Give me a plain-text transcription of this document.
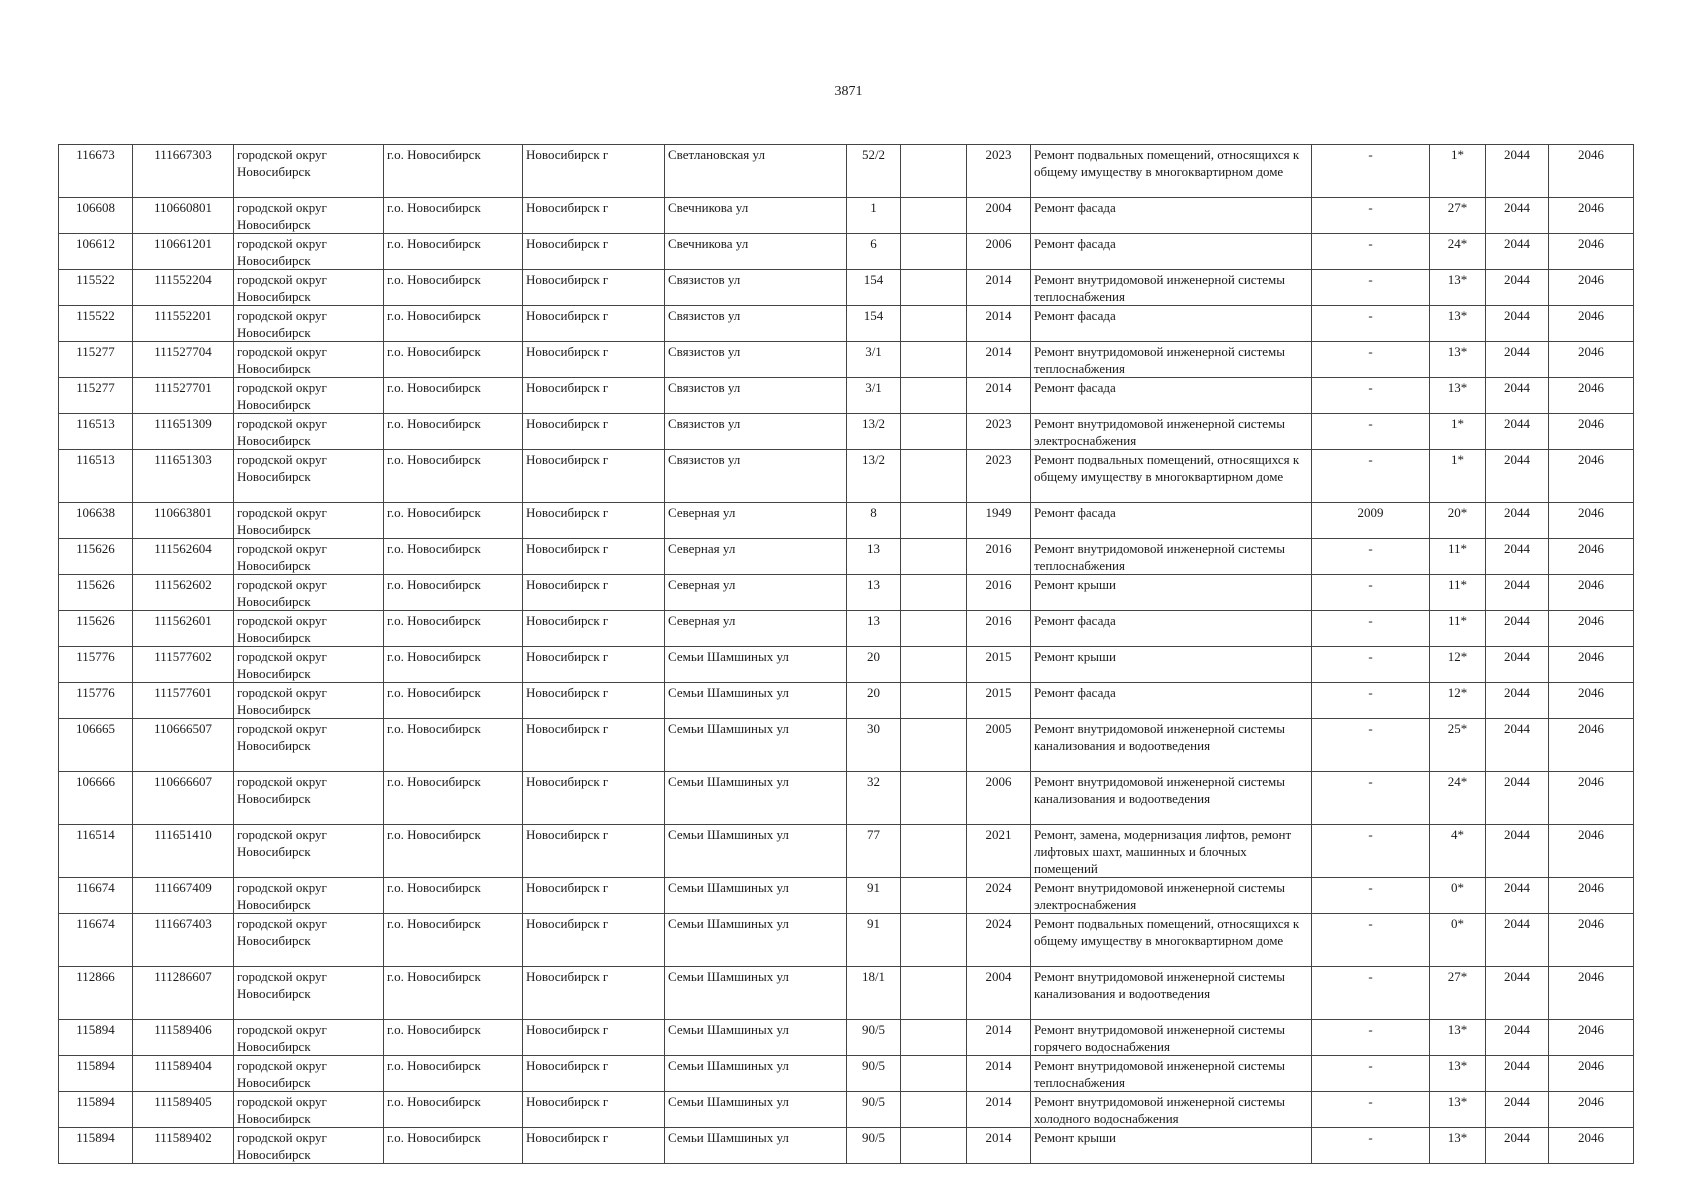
3871
116673	111667303	городской округ Новосибирск	г.о. Новосибирск	Новосибирск г	Светлановская ул	52/2		2023	Ремонт подвальных помещений, относящихся к общему имуществу в многоквартирном доме	-	1*	2044	2046
106608	110660801	городской округ Новосибирск	г.о. Новосибирск	Новосибирск г	Свечникова ул	1		2004	Ремонт фасада	-	27*	2044	2046
106612	110661201	городской округ Новосибирск	г.о. Новосибирск	Новосибирск г	Свечникова ул	6		2006	Ремонт фасада	-	24*	2044	2046
115522	111552204	городской округ Новосибирск	г.о. Новосибирск	Новосибирск г	Связистов ул	154		2014	Ремонт внутридомовой инженерной системы теплоснабжения	-	13*	2044	2046
115522	111552201	городской округ Новосибирск	г.о. Новосибирск	Новосибирск г	Связистов ул	154		2014	Ремонт фасада	-	13*	2044	2046
115277	111527704	городской округ Новосибирск	г.о. Новосибирск	Новосибирск г	Связистов ул	3/1		2014	Ремонт внутридомовой инженерной системы теплоснабжения	-	13*	2044	2046
115277	111527701	городской округ Новосибирск	г.о. Новосибирск	Новосибирск г	Связистов ул	3/1		2014	Ремонт фасада	-	13*	2044	2046
116513	111651309	городской округ Новосибирск	г.о. Новосибирск	Новосибирск г	Связистов ул	13/2		2023	Ремонт внутридомовой инженерной системы электроснабжения	-	1*	2044	2046
116513	111651303	городской округ Новосибирск	г.о. Новосибирск	Новосибирск г	Связистов ул	13/2		2023	Ремонт подвальных помещений, относящихся к общему имуществу в многоквартирном доме	-	1*	2044	2046
106638	110663801	городской округ Новосибирск	г.о. Новосибирск	Новосибирск г	Северная ул	8		1949	Ремонт фасада	2009	20*	2044	2046
115626	111562604	городской округ Новосибирск	г.о. Новосибирск	Новосибирск г	Северная ул	13		2016	Ремонт внутридомовой инженерной системы теплоснабжения	-	11*	2044	2046
115626	111562602	городской округ Новосибирск	г.о. Новосибирск	Новосибирск г	Северная ул	13		2016	Ремонт крыши	-	11*	2044	2046
115626	111562601	городской округ Новосибирск	г.о. Новосибирск	Новосибирск г	Северная ул	13		2016	Ремонт фасада	-	11*	2044	2046
115776	111577602	городской округ Новосибирск	г.о. Новосибирск	Новосибирск г	Семьи Шамшиных ул	20		2015	Ремонт крыши	-	12*	2044	2046
115776	111577601	городской округ Новосибирск	г.о. Новосибирск	Новосибирск г	Семьи Шамшиных ул	20		2015	Ремонт фасада	-	12*	2044	2046
106665	110666507	городской округ Новосибирск	г.о. Новосибирск	Новосибирск г	Семьи Шамшиных ул	30		2005	Ремонт внутридомовой инженерной системы канализования и водоотведения	-	25*	2044	2046
106666	110666607	городской округ Новосибирск	г.о. Новосибирск	Новосибирск г	Семьи Шамшиных ул	32		2006	Ремонт внутридомовой инженерной системы канализования и водоотведения	-	24*	2044	2046
116514	111651410	городской округ Новосибирск	г.о. Новосибирск	Новосибирск г	Семьи Шамшиных ул	77		2021	Ремонт, замена, модернизация лифтов, ремонт лифтовых шахт, машинных и блочных помещений	-	4*	2044	2046
116674	111667409	городской округ Новосибирск	г.о. Новосибирск	Новосибирск г	Семьи Шамшиных ул	91		2024	Ремонт внутридомовой инженерной системы электроснабжения	-	0*	2044	2046
116674	111667403	городской округ Новосибирск	г.о. Новосибирск	Новосибирск г	Семьи Шамшиных ул	91		2024	Ремонт подвальных помещений, относящихся к общему имуществу в многоквартирном доме	-	0*	2044	2046
112866	111286607	городской округ Новосибирск	г.о. Новосибирск	Новосибирск г	Семьи Шамшиных ул	18/1		2004	Ремонт внутридомовой инженерной системы канализования и водоотведения	-	27*	2044	2046
115894	111589406	городской округ Новосибирск	г.о. Новосибирск	Новосибирск г	Семьи Шамшиных ул	90/5		2014	Ремонт внутридомовой инженерной системы горячего водоснабжения	-	13*	2044	2046
115894	111589404	городской округ Новосибирск	г.о. Новосибирск	Новосибирск г	Семьи Шамшиных ул	90/5		2014	Ремонт внутридомовой инженерной системы теплоснабжения	-	13*	2044	2046
115894	111589405	городской округ Новосибирск	г.о. Новосибирск	Новосибирск г	Семьи Шамшиных ул	90/5		2014	Ремонт внутридомовой инженерной системы холодного водоснабжения	-	13*	2044	2046
115894	111589402	городской округ Новосибирск	г.о. Новосибирск	Новосибирск г	Семьи Шамшиных ул	90/5		2014	Ремонт крыши	-	13*	2044	2046
